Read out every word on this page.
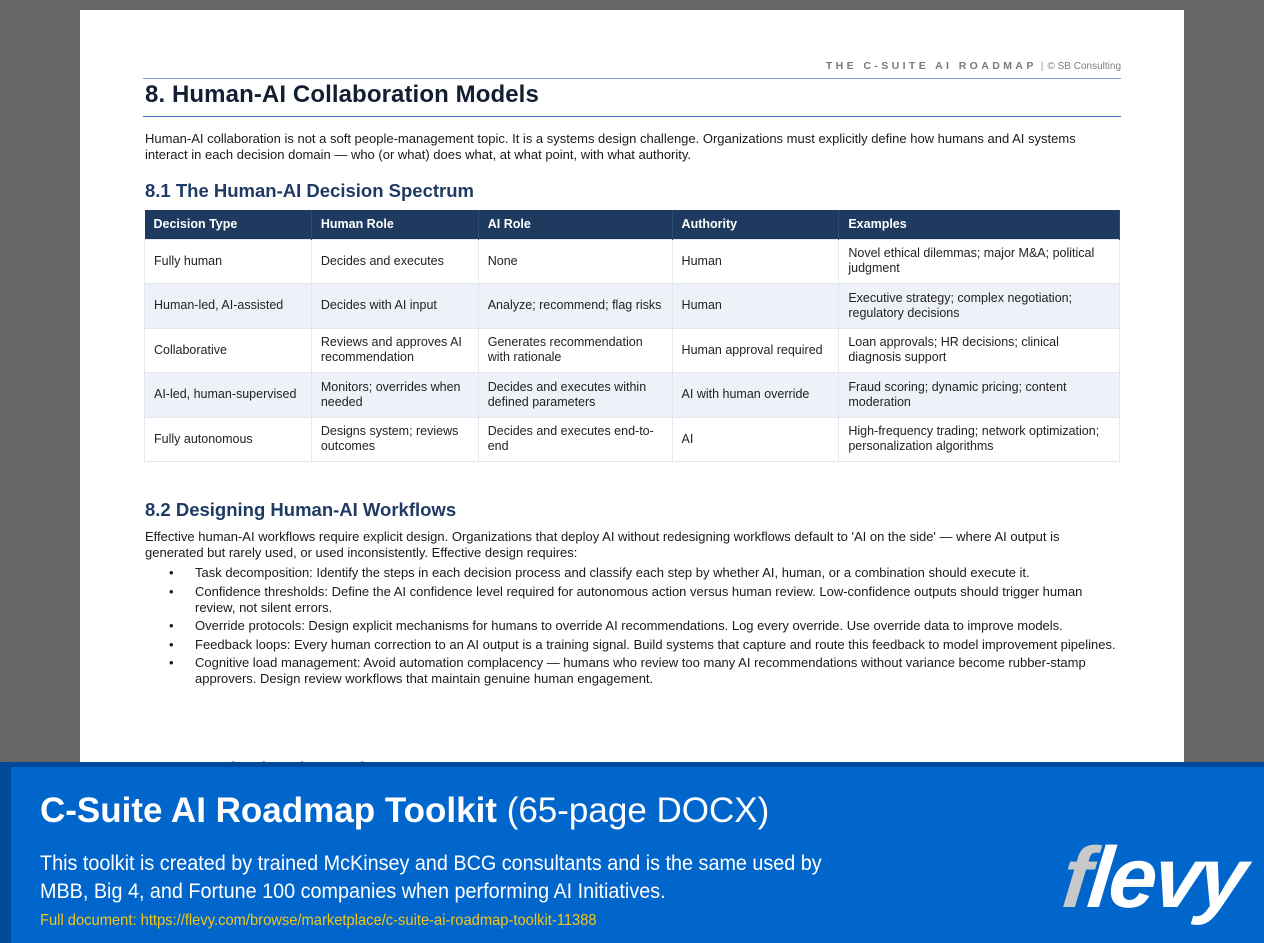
THE C-SUITE AI ROADMAP | © SB Consulting
8. Human-AI Collaboration Models

Human-AI collaboration is not a soft people-management topic. It is a systems design challenge. Organizations must explicitly define how humans and AI systems interact in each decision domain — who (or what) does what, at what point, with what authority.

8.1 The Human-AI Decision Spectrum
Decision Type	Human Role	AI Role	Authority	Examples
Fully human	Decides and executes	None	Human	Novel ethical dilemmas; major M&A; political judgment
Human-led, AI-assisted	Decides with AI input	Analyze; recommend; flag risks	Human	Executive strategy; complex negotiation; regulatory decisions
Collaborative	Reviews and approves AI recommendation	Generates recommendation with rationale	Human approval required	Loan approvals; HR decisions; clinical diagnosis support
AI-led, human-supervised	Monitors; overrides when needed	Decides and executes within defined parameters	AI with human override	Fraud scoring; dynamic pricing; content moderation
Fully autonomous	Designs system; reviews outcomes	Decides and executes end-to-end	AI	High-frequency trading; network optimization; personalization algorithms
8.2 Designing Human-AI Workflows

Effective human-AI workflows require explicit design. Organizations that deploy AI without redesigning workflows default to 'AI on the side' — where AI output is generated but rarely used, or used inconsistently. Effective design requires:

• Task decomposition: Identify the steps in each decision process and classify each step by whether AI, human, or a combination should execute it.
• Confidence thresholds: Define the AI confidence level required for autonomous action versus human review. Low-confidence outputs should trigger human review, not silent errors.
• Override protocols: Design explicit mechanisms for humans to override AI recommendations. Log every override. Use override data to improve models.
• Feedback loops: Every human correction to an AI output is a training signal. Build systems that capture and route this feedback to model improvement pipelines.
• Cognitive load management: Avoid automation complacency — humans who review too many AI recommendations without variance become rubber-stamp approvers. Design review workflows that maintain genuine human engagement.
C-Suite AI Roadmap Toolkit (65-page DOCX)
This toolkit is created by trained McKinsey and BCG consultants and is the same used by MBB, Big 4, and Fortune 100 companies when performing AI Initiatives.
Full document: https://flevy.com/browse/marketplace/c-suite-ai-roadmap-toolkit-11388	flevy
